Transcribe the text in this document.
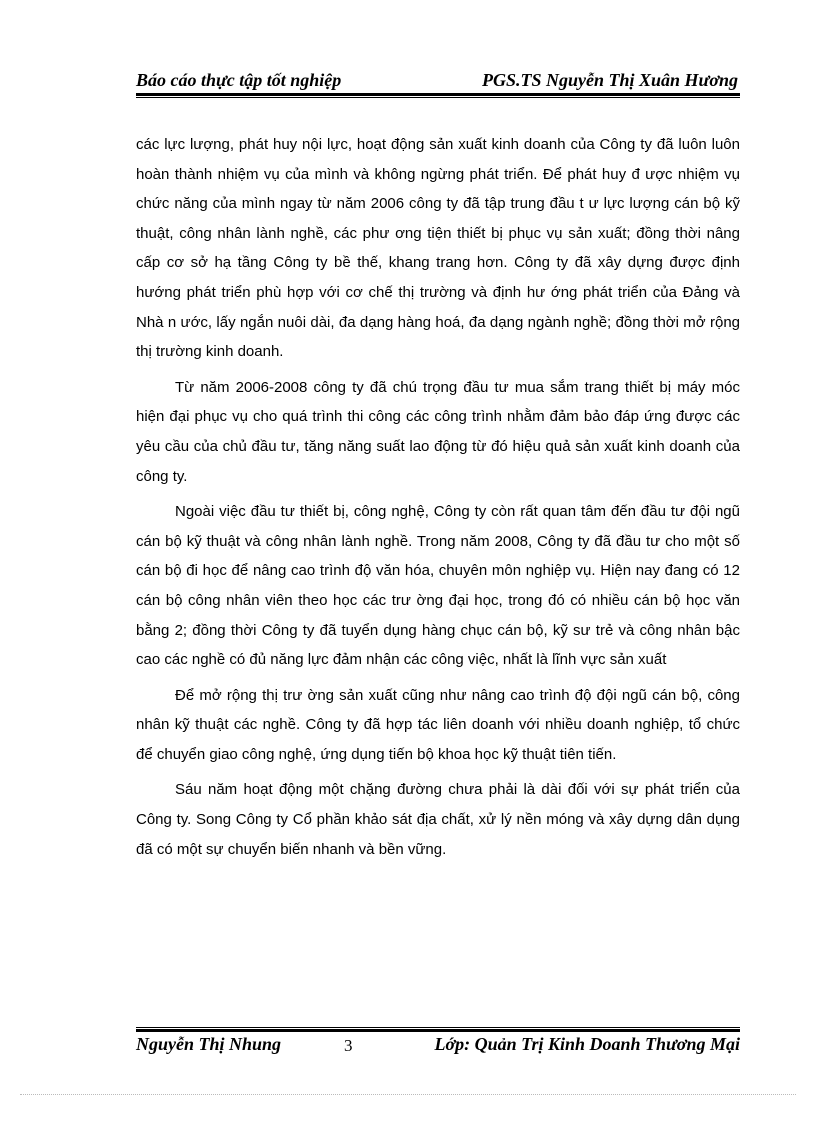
Báo cáo thực tập tốt nghiệp	PGS.TS Nguyễn Thị Xuân Hương

các lực lượng, phát huy nội lực, hoạt động sản xuất kinh doanh của Công ty đã luôn luôn hoàn thành nhiệm vụ của mình và không ngừng phát triển. Để phát huy đ ược nhiệm vụ chức năng của mình ngay từ năm 2006 công ty đã tập trung đầu t ư lực lượng cán bộ kỹ thuật, công nhân lành nghề, các phư ơng tiện thiết bị phục vụ sản xuất; đồng thời nâng cấp cơ sở hạ tầng Công ty bề thế, khang trang hơn. Công ty đã xây dựng được định hướng phát triển phù hợp với cơ chế thị trường và định hư ớng phát triển của Đảng và Nhà n ước, lấy ngắn nuôi dài, đa dạng hàng hoá, đa dạng ngành nghề; đồng thời mở rộng thị trường kinh doanh.

Từ năm 2006-2008 công ty đã chú trọng đầu tư mua sắm trang thiết bị máy móc hiện đại phục vụ cho quá trình thi công các công trình nhằm đảm bảo đáp ứng được các yêu cầu của chủ đầu tư, tăng năng suất lao động từ đó hiệu quả sản xuất kinh doanh của công ty.

Ngoài việc đầu tư thiết bị, công nghệ, Công ty còn rất quan tâm đến đầu tư đội ngũ cán bộ kỹ thuật và công nhân lành nghề. Trong năm 2008, Công ty đã đầu tư cho một số cán bộ đi học để nâng cao trình độ văn hóa, chuyên môn nghiệp vụ. Hiện nay đang có 12 cán bộ công nhân viên theo học các trư ờng đại học, trong đó có nhiều cán bộ học văn bằng 2; đồng thời Công ty đã tuyển dụng hàng chục cán bộ, kỹ sư trẻ và công nhân bậc cao các nghề có đủ năng lực đảm nhận các công việc, nhất là lĩnh vực sản xuất

Để mở rộng thị trư ờng sản xuất cũng như nâng cao trình độ đội ngũ cán bộ, công nhân kỹ thuật các nghề. Công ty đã hợp tác liên doanh với nhiều doanh nghiệp, tổ chức để chuyển giao công nghệ, ứng dụng tiến bộ khoa học kỹ thuật tiên tiến.

Sáu năm hoạt động một chặng đường chưa phải là dài đối với sự phát triển của Công ty. Song Công ty Cổ phần khảo sát địa chất, xử lý nền móng và xây dựng dân dụng đã có một sự chuyển biến nhanh và bền vững.

Nguyễn Thị Nhung	3	Lớp: Quản Trị Kinh Doanh Thương Mại
